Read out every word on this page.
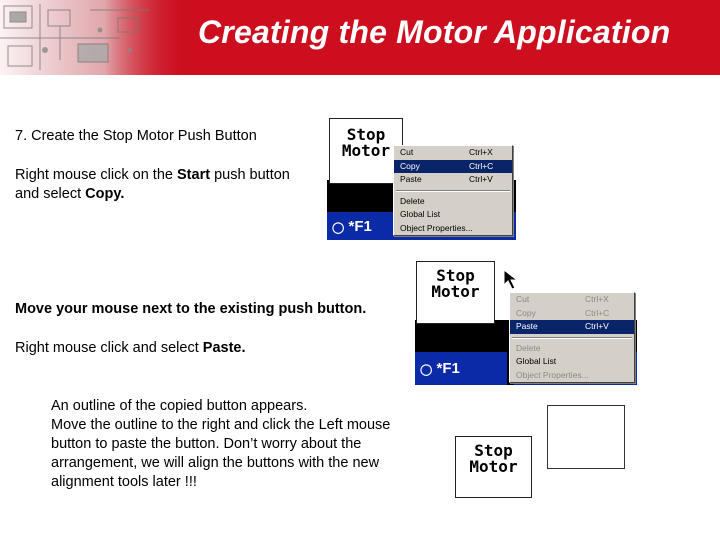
Creating the Motor Application
7. Create the Stop Motor Push Button
Right mouse click on the Start push button
and select Copy.
◯ *F1
Stop
Motor	Cut	Ctrl+X
Copy	Ctrl+C
Paste	Ctrl+V
Delete
Global List
Object Properties...
Move your mouse next to the existing push button.
Right mouse click and select Paste.
◯ *F1
Stop
Motor	Cut	Ctrl+X
Copy	Ctrl+C
Paste	Ctrl+V
Delete
Global List
Object Properties...
An outline of the copied button appears.
Move the outline to the right and click the Left mouse
button to paste the button. Don’t worry about the
arrangement, we will align the buttons with the new
alignment tools later !!!
Stop
Motor
